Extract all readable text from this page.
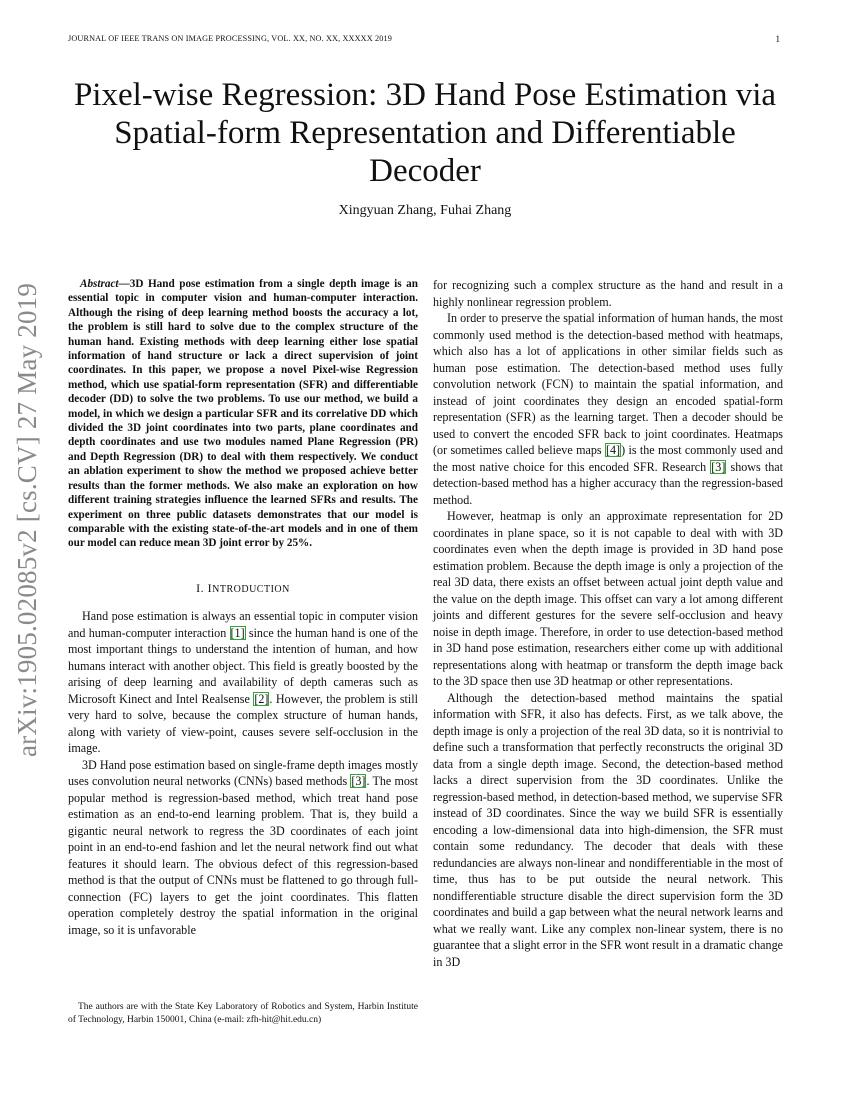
JOURNAL OF IEEE TRANS ON IMAGE PROCESSING, VOL. XX, NO. XX, XXXXX 2019	1
Pixel-wise Regression: 3D Hand Pose Estimation via Spatial-form Representation and Differentiable Decoder
Xingyuan Zhang, Fuhai Zhang
arXiv:1905.02085v2 [cs.CV] 27 May 2019	Abstract—3D Hand pose estimation from a single depth image is an essential topic in computer vision and human-computer interaction. Although the rising of deep learning method boosts the accuracy a lot, the problem is still hard to solve due to the complex structure of the human hand. Existing methods with deep learning either lose spatial information of hand structure or lack a direct supervision of joint coordinates. In this paper, we propose a novel Pixel-wise Regression method, which use spatial-form representation (SFR) and differentiable decoder (DD) to solve the two problems. To use our method, we build a model, in which we design a particular SFR and its correlative DD which divided the 3D joint coordinates into two parts, plane coordinates and depth coordinates and use two modules named Plane Regression (PR) and Depth Regression (DR) to deal with them respectively. We conduct an ablation experiment to show the method we proposed achieve better results than the former methods. We also make an exploration on how different training strategies influence the learned SFRs and results. The experiment on three public datasets demonstrates that our model is comparable with the existing state-of-the-art models and in one of them our model can reduce mean 3D joint error by 25%.

I. INTRODUCTION

Hand pose estimation is always an essential topic in computer vision and human-computer interaction [1] since the human hand is one of the most important things to understand the intention of human, and how humans interact with another object. This field is greatly boosted by the arising of deep learning and availability of depth cameras such as Microsoft Kinect and Intel Realsense [2]. However, the problem is still very hard to solve, because the complex structure of human hands, along with variety of view-point, causes severe self-occlusion in the image.

3D Hand pose estimation based on single-frame depth images mostly uses convolution neural networks (CNNs) based methods [3]. The most popular method is regression-based method, which treat hand pose estimation as an end-to-end learning problem. That is, they build a gigantic neural network to regress the 3D coordinates of each joint point in an end-to-end fashion and let the neural network find out what features it should learn. The obvious defect of this regression-based method is that the output of CNNs must be flattened to go through full-connection (FC) layers to get the joint coordinates. This flatten operation completely destroy the spatial information in the original image, so it is unfavorable

The authors are with the State Key Laboratory of Robotics and System, Harbin Institute of Technology, Harbin 150001, China (e-mail: zfh-hit@hit.edu.cn)

for recognizing such a complex structure as the hand and result in a highly nonlinear regression problem.

In order to preserve the spatial information of human hands, the most commonly used method is the detection-based method with heatmaps, which also has a lot of applications in other similar fields such as human pose estimation. The detection-based method uses fully convolution network (FCN) to maintain the spatial information, and instead of joint coordinates they design an encoded spatial-form representation (SFR) as the learning target. Then a decoder should be used to convert the encoded SFR back to joint coordinates. Heatmaps (or sometimes called believe maps [4]) is the most commonly used and the most native choice for this encoded SFR. Research [3] shows that detection-based method has a higher accuracy than the regression-based method.

However, heatmap is only an approximate representation for 2D coordinates in plane space, so it is not capable to deal with with 3D coordinates even when the depth image is provided in 3D hand pose estimation problem. Because the depth image is only a projection of the real 3D data, there exists an offset between actual joint depth value and the value on the depth image. This offset can vary a lot among different joints and different gestures for the severe self-occlusion and heavy noise in depth image. Therefore, in order to use detection-based method in 3D hand pose estimation, researchers either come up with additional representations along with heatmap or transform the depth image back to the 3D space then use 3D heatmap or other representations.

Although the detection-based method maintains the spatial information with SFR, it also has defects. First, as we talk above, the depth image is only a projection of the real 3D data, so it is nontrivial to define such a transformation that perfectly reconstructs the original 3D data from a single depth image. Second, the detection-based method lacks a direct supervision from the 3D coordinates. Unlike the regression-based method, in detection-based method, we supervise SFR instead of 3D coordinates. Since the way we build SFR is essentially encoding a low-dimensional data into high-dimension, the SFR must contain some redundancy. The decoder that deals with these redundancies are always non-linear and nondifferentiable in the most of time, thus has to be put outside the neural network. This nondifferentiable structure disable the direct supervision form the 3D coordinates and build a gap between what the neural network learns and what we really want. Like any complex non-linear system, there is no guarantee that a slight error in the SFR wont result in a dramatic change in 3D
